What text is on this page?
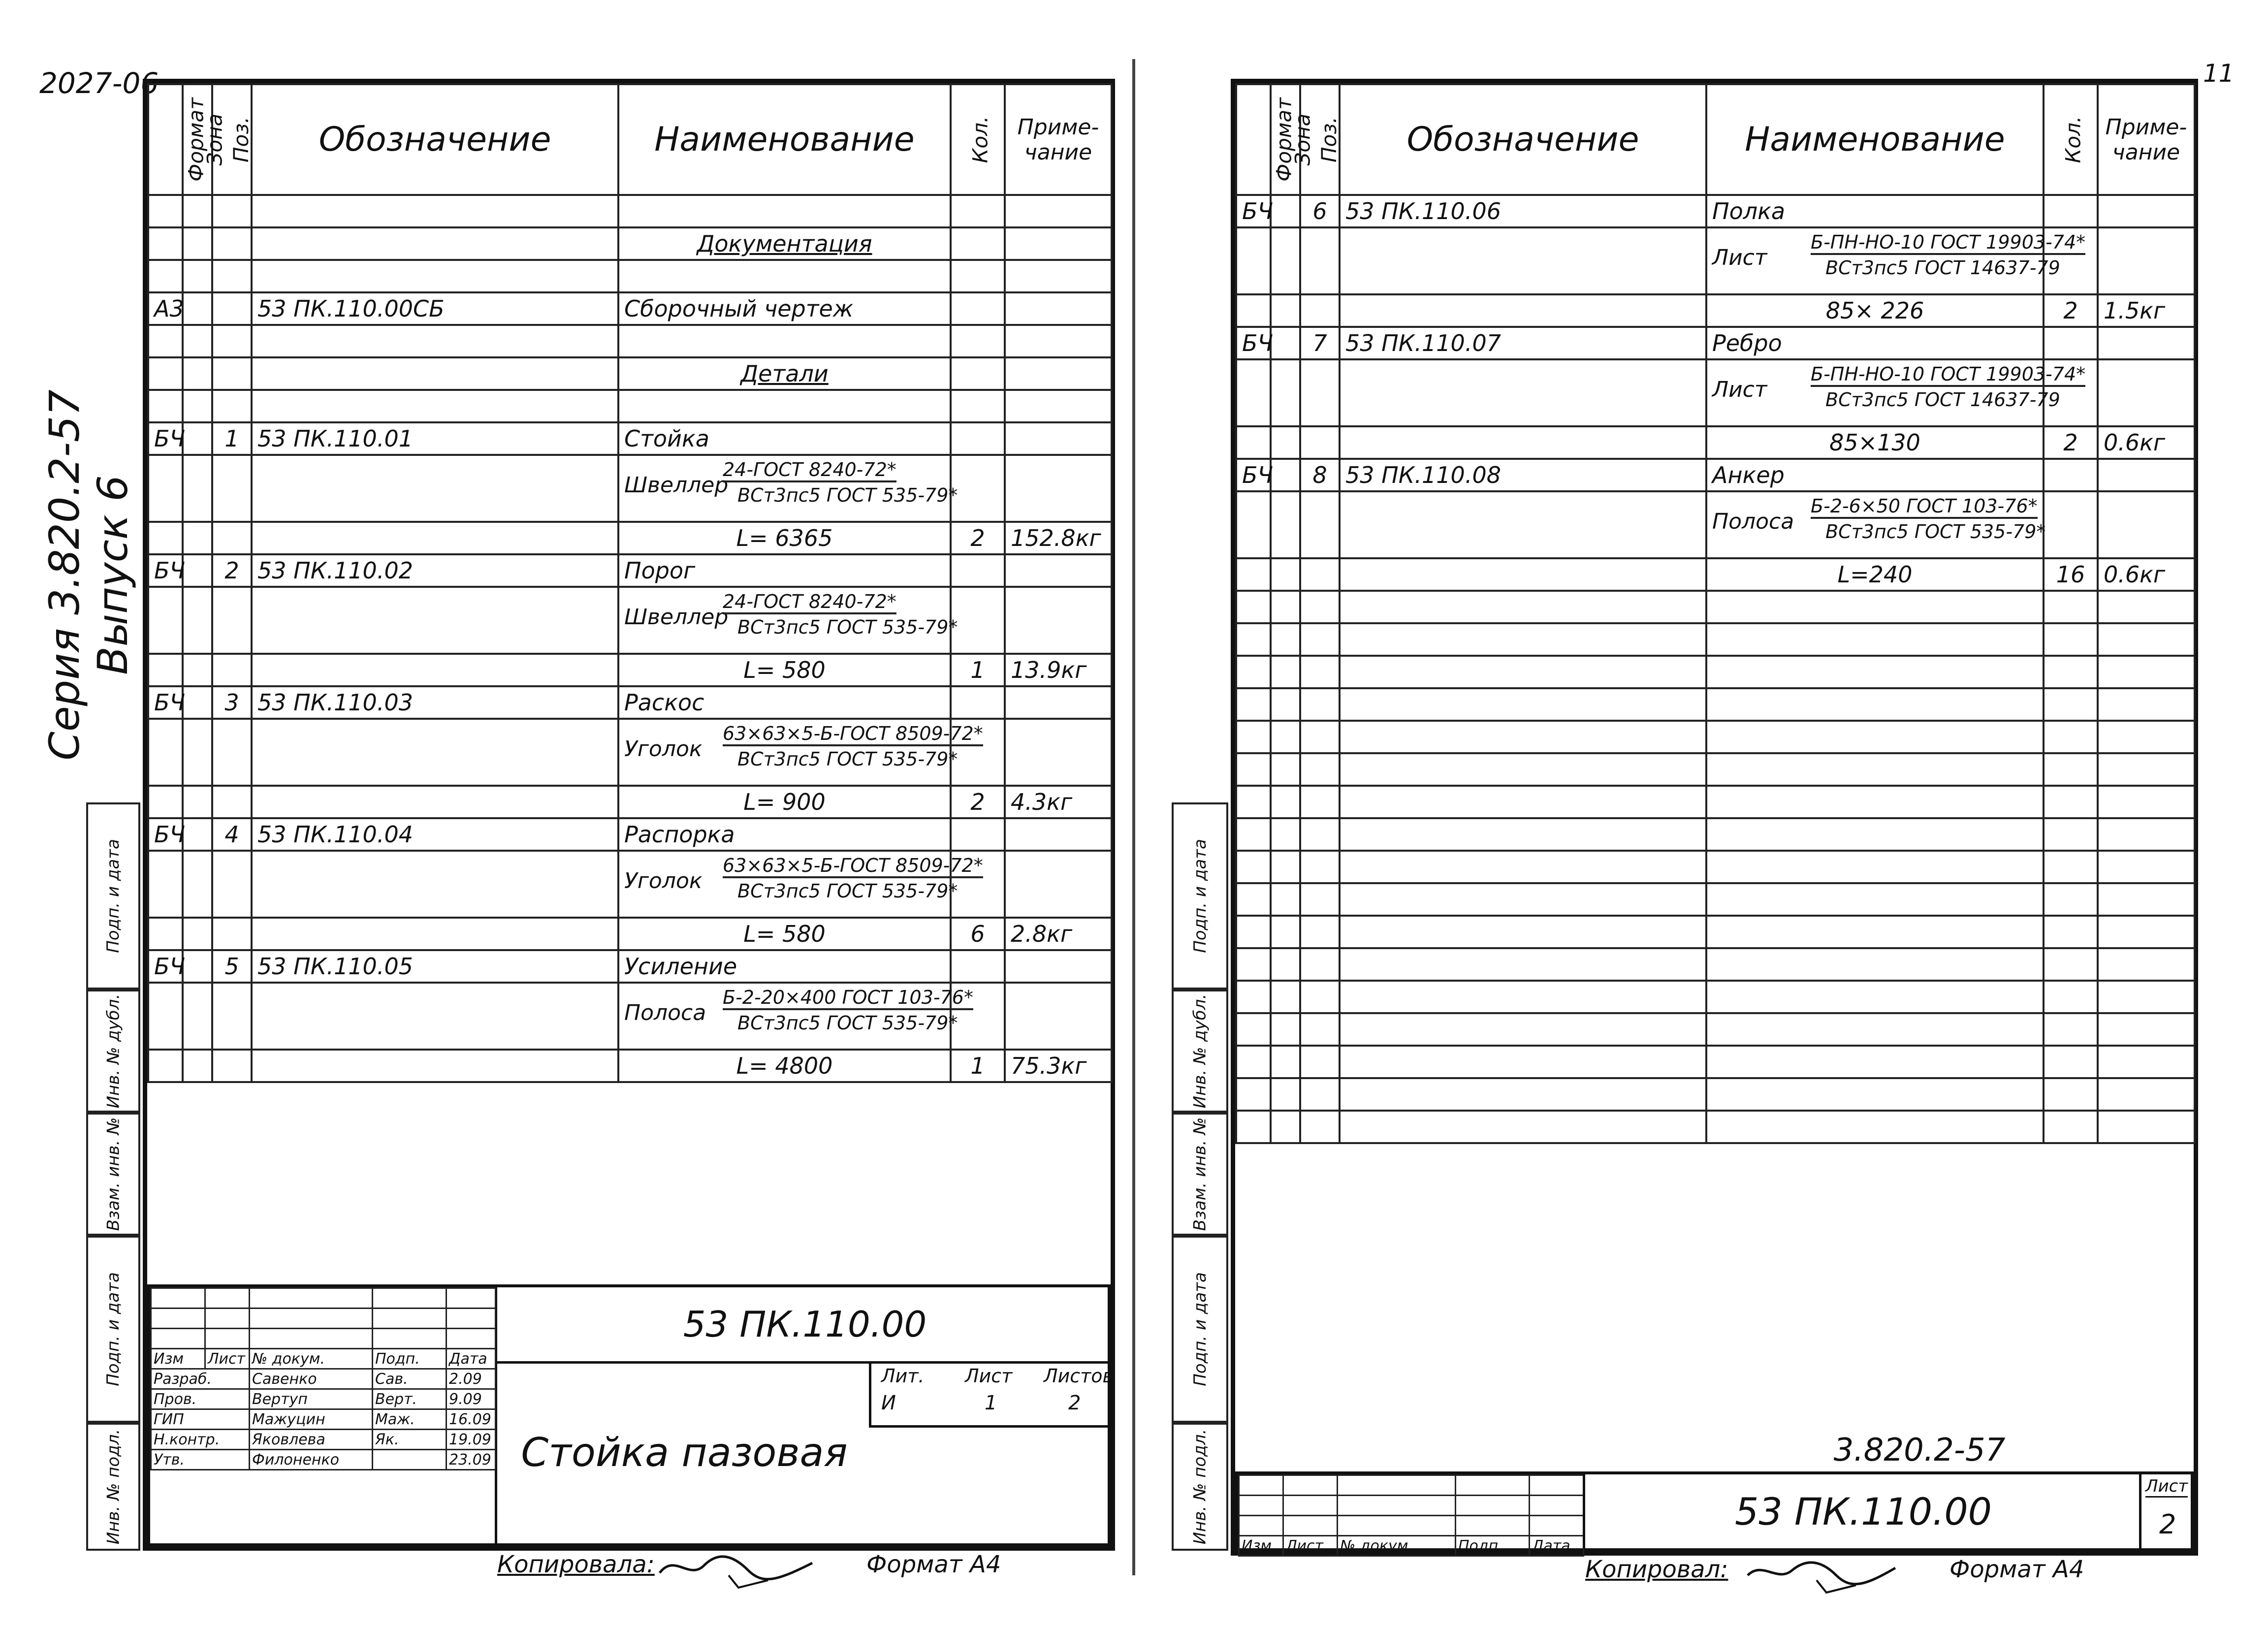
2027-06	11
Серия 3.820.2-57 Выпуск 6
Формат	Зона	Поз.	Обозначение	Наименование	Кол.	Приме-чание

				Документация		

А3			53 ПК.110.00СБ	Сборочный чертеж		

				Детали		

БЧ		1	53 ПК.110.01	Стойка		

				Швеллер
24-ГОСТ 8240-72*
ВСт3пс5 ГОСТ 535-79*		

				L= 6365	2	152.8кг
БЧ		2	53 ПК.110.02	Порог		

				Швеллер
24-ГОСТ 8240-72*
ВСт3пс5 ГОСТ 535-79*		

				L= 580	1	13.9кг
БЧ		3	53 ПК.110.03	Раскос		

				Уголок
63×63×5-Б-ГОСТ 8509-72*
ВСт3пс5 ГОСТ 535-79*		

				L= 900	2	4.3кг
БЧ		4	53 ПК.110.04	Распорка		

				Уголок
63×63×5-Б-ГОСТ 8509-72*
ВСт3пс5 ГОСТ 535-79*		

				L= 580	6	2.8кг
БЧ		5	53 ПК.110.05	Усиление		

				Полоса
Б-2-20×400 ГОСТ 103-76*
ВСт3пс5 ГОСТ 535-79*		

				L= 4800	1	75.3кг
53 ПК.110.00
Стойка пазовая
Лит. Лист Листов
И	1	2

Изм	Лист	№ докум.	Подп.	Дата
Разраб.		Савенко	Сав.	2.09
Пров.		Вертуп	Верт.	9.09
ГИП		Мажуцин	Маж.	16.09
Н.контр.		Яковлева	Як.	19.09
Утв.		Филоненко		23.09
Подп. и дата
Инв. № дубл.
Взам. инв. №
Подп. и дата
Инв. № подл.
Копировала:	Формат А4
Формат	Зона	Поз.	Обозначение	Наименование	Кол.	Приме-чание
БЧ		6	53 ПК.110.06	Полка		

				Лист
Б-ПН-НО-10 ГОСТ 19903-74*
ВСт3пс5 ГОСТ 14637-79		

				85× 226	2	1.5кг
БЧ		7	53 ПК.110.07	Ребро		

				Лист
Б-ПН-НО-10 ГОСТ 19903-74*
ВСт3пс5 ГОСТ 14637-79		

				85×130	2	0.6кг
БЧ		8	53 ПК.110.08	Анкер		

				Полоса
Б-2-6×50 ГОСТ 103-76*
ВСт3пс5 ГОСТ 535-79*		

				L=240	16	0.6кг

Изм	Лист	№ докум.	Подп.	Дата
53 ПК.110.00
Лист
2
3.820.2-57
Подп. и дата
Инв. № дубл.
Взам. инв. №
Подп. и дата
Инв. № подл.
Копировал:	Формат А4
